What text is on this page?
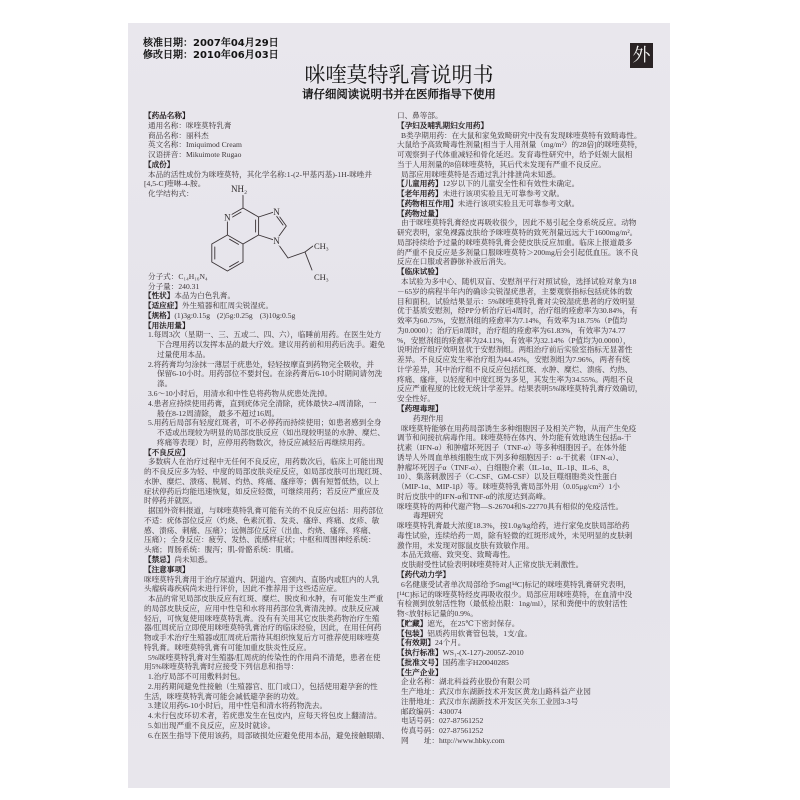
核准日期：2007年04月29日
修改日期：2010年06月03日	外
咪喹莫特乳膏说明书
请仔细阅读说明书并在医师指导下使用
【药品名称】
通用名称：咪喹莫特乳膏
商品名称：丽科杰
英文名称：Imiquimod Cream
汉语拼音：Mikuimote Rugao
【成份】
本品的活性成份为咪喹莫特，其化学名称:1-(2-甲基丙基)-1H-咪唑并
[4,5-C]喹啉-4-胺。
化学结构式：	NH₂
N
N
N	CH₃
CH₃
分子式：C₁₄H₁₆N₄
分子量：240.31
【性状】本品为白色乳膏。
【适应症】外生殖器和肛周尖锐湿疣。
【规格】(1)3g:0.15g (2)5g:0.25g (3)10g:0.5g
【用法用量】
1.每周3次（星期一、三、五或二、四、六），临睡前用药。在医生处方
下合理用药以发挥本品的最大疗效。建议用药前和用药后洗手。避免
过量使用本品。
2.将药膏均匀涂抹一薄层于疣患处，轻轻按摩直到药物完全吸收，并
保留6-10小时。用药部位不要封包。在涂药膏后6-10小时期间请勿洗
涤。
3.6～10小时后，用清水和中性皂将药物从疣患处洗掉。
4.患者应持续使用药膏，直到疣体完全清除，疣体最快2-4周清除，一
般在8-12周清除， 最多不超过16周。
5.用药后局部有轻度红斑者，可不必停药而持续使用；如患者感到全身
不适或出现较为明显的局部皮肤反应（如出现较明显的水肿、糜烂、
疼痛等表现）时，应停用药物数次，待反应减轻后再继续用药。
【不良反应】
多数病人在治疗过程中无任何不良反应，用药数次后，临床上可能出现
的不良反应多为轻、中度的局部皮肤炎症反应，如局部皮肤可出现红斑、
水肿、糜烂、溃疡、脱屑、灼热、疼痛、瘙痒等；偶有短暂低热，以上
症状停药后均能迅速恢复，如反应轻微，可继续用药；若反应严重应及
时停药并就医。
据国外资料报道，与咪喹莫特乳膏可能有关的不良反应包括：用药部位
不适：疣体部位反应（灼烧、色素沉着、发炎、瘙痒、疼痛、皮疹、敏
感、溃疡、刺痛、压痛）；远侧部位反应（出血、灼烧、瘙痒、疼痛、
压痛）；全身反应：疲劳、发热、流感样症状；中枢和周围神经系统：
头痛；胃肠系统：腹泻；肌-骨骼系统：肌痛。
【禁忌】尚未知悉。
【注意事项】
咪喹莫特乳膏用于治疗尿道内、阴道内、宫颈内、直肠内或肛内的人乳
头瘤病毒疾病尚未进行评价，因此不推荐用于这些适应症。
本品的常见局部皮肤反应有红斑、糜烂、脱皮和水肿，有可能发生严重
的局部皮肤反应，应用中性皂和水将用药部位乳膏清洗掉。皮肤反应减
轻后，可恢复使用咪喹莫特乳膏。没有有关用其它皮肤类药物治疗生殖
器/肛周疣后立即使用咪喹莫特乳膏治疗的临床经验，因此，在用任何药
物或手术治疗生殖器或肛周疣后需待其组织恢复后方可推荐使用咪喹莫
特乳膏。咪喹莫特乳膏有可能加重皮肤炎性反应。
5%咪喹莫特乳膏对生殖器/肛周疣的传染性的作用尚不清楚，患者在使
用5%咪喹莫特乳膏时应接受下列信息和指导：
1.治疗局部不可用敷料封包。
2.用药期间避免性接触（生殖器官、肛门或口），包括使用避孕套的性
生活，咪喹莫特乳膏可能会减低避孕套的功效。
3.建议用药6-10小时后，用中性皂和清水将药物洗去。
4.未行包皮环切术者，若疣患发生在包皮内，应每天将包皮上翻清洁。
5.如出现严重不良反应，应及时就诊。
6.在医生指导下使用该药，局部破损处应避免使用本品，避免接触眼睛、
口、鼻等部。
【孕妇及哺乳期妇女用药】
B类孕期用药：在大鼠和家兔致畸研究中没有发现咪喹莫特有致畸毒性。
大鼠给予高致畸毒性剂量[相当于人用剂量（mg/m²）的28倍]的咪喹莫特，
可观察到子代体重减轻和骨化延迟。发育毒性研究中，给予妊娠大鼠相
当于人用剂量的8倍咪喹莫特，其后代未发现有严重不良反应。
局部应用咪喹莫特是否通过乳汁排泄尚未知悉。
【儿童用药】12岁以下的儿童安全性和有效性未确定。
【老年用药】未进行该项实验且无可靠参考文献。
【药物相互作用】未进行该项实验且无可靠参考文献。
【药物过量】
由于咪喹莫特乳膏经皮再吸收很少，因此不易引起全身系统反应。动物
研究表明，家兔裸露皮肤给予咪喹莫特的致死剂量远远大于1600mg/m²。
局部持续给予过量的咪喹莫特乳膏会使皮肤反应加重。临床上报道最多
的严重不良反应是多剂量口服咪喹莫特＞200mg后会引起低血压。该不良
反应在口服或者静脉补液后消失。
【临床试验】
本试验为多中心、随机双盲、安慰剂平行对照试验，选择试验对象为18
－65岁的病程半年内的确诊尖锐湿疣患者，主要观察指标包括疣体的数
目和面积。试验结果显示：5%咪喹莫特乳膏对尖锐湿疣患者的疗效明显
优于基质安慰剂，经PP分析治疗后4周时，治疗组的痊愈率为30.84%，有
效率为60.75%，安慰剂组的痊愈率为7.14%，有效率为18.75%（P值均
为0.0000）；治疗后8周时，治疗组的痊愈率为61.83%，有效率为74.77
%，安慰剂组的痊愈率为24.11%，有效率为32.14%（P值均为0.0000），
说明治疗组疗效明显优于安慰剂组。两组治疗前后实验室指标无显著性
差异。不良反应发生率治疗组为44.45%，安慰剂组为7.96%，两者有统
计学差异，其中治疗组不良反应包括红斑、水肿、糜烂、溃疡、灼热、
疼痛、瘙痒，以轻度和中度红斑为多见，其发生率为34.55%。两组不良
反应严重程度的比较无统计学差异。结果表明5%咪喹莫特乳膏疗效确切，
安全性好。
【药理毒理】
药理作用
咪喹莫特能够在用药局部诱生多种细胞因子及相关产物，从而产生免疫
调节和间接抗病毒作用。咪喹莫特在体内、外均能有效地诱生包括α-干
扰素（IFN-α）和肿瘤坏死因子（TNF-α）等多种细胞因子。在体外能
诱导人外周血单核细胞生成下列多种细胞因子：α-干扰素（IFN-α）、
肿瘤坏死因子α（TNF-α）、白细胞介素（IL-1α、IL-1β、IL-6、8、
10）、集落刺激因子（C-CSF、GM-CSF）以及巨噬细胞类炎性蛋白
（MIP-1α、MIP-1β）等。咪喹莫特乳膏局部外用（0.05μg/cm²）1小
时后皮肤中的IFN-α和TNF-α的浓度达到高峰。
咪喹莫特的两种代谢产物—S-26704和S-22770具有相似的免疫活性。
毒理研究
咪喹莫特乳膏最大浓度18.3%，按1.0g/kg给药，进行家兔皮肤局部给药
毒性试验，连续给药一周，除有轻微的红斑形成外，未见明显的皮肤刺
激作用，未发现对豚鼠皮肤有致敏作用。
本品无致癌、致突变、致畸毒性。
皮肤耐受性试验表明咪喹莫特对人正常皮肤无刺激性。
【药代动力学】
6名健康受试者单次局部给予5mg[¹⁴C]标记的咪喹莫特乳膏研究表明，
[¹⁴C]标记的咪喹莫特经皮再吸收很少。局部应用咪喹莫特，在血清中没
有检测到放射活性物（最低检出限：1ng/ml），尿和粪便中的放射活性
物<放射标记量的0.9%。
【贮藏】遮光，在25℃下密封保存。
【包装】铝质药用软膏管包装，1支/盒。
【有效期】24个月。
【执行标准】WS₁-(X-127)-2005Z-2010
【批准文号】国药准字H20040285
【生产企业】
企业名称：湖北科益药业股份有限公司
生产地址：武汉市东湖新技术开发区黄龙山路科益产业园
注册地址：武汉市东湖新技术开发区关东工业园3-3号
邮政编码：430074
电话号码：027-87561252
传真号码：027-87561252
网　　址：http://www.hbky.com
